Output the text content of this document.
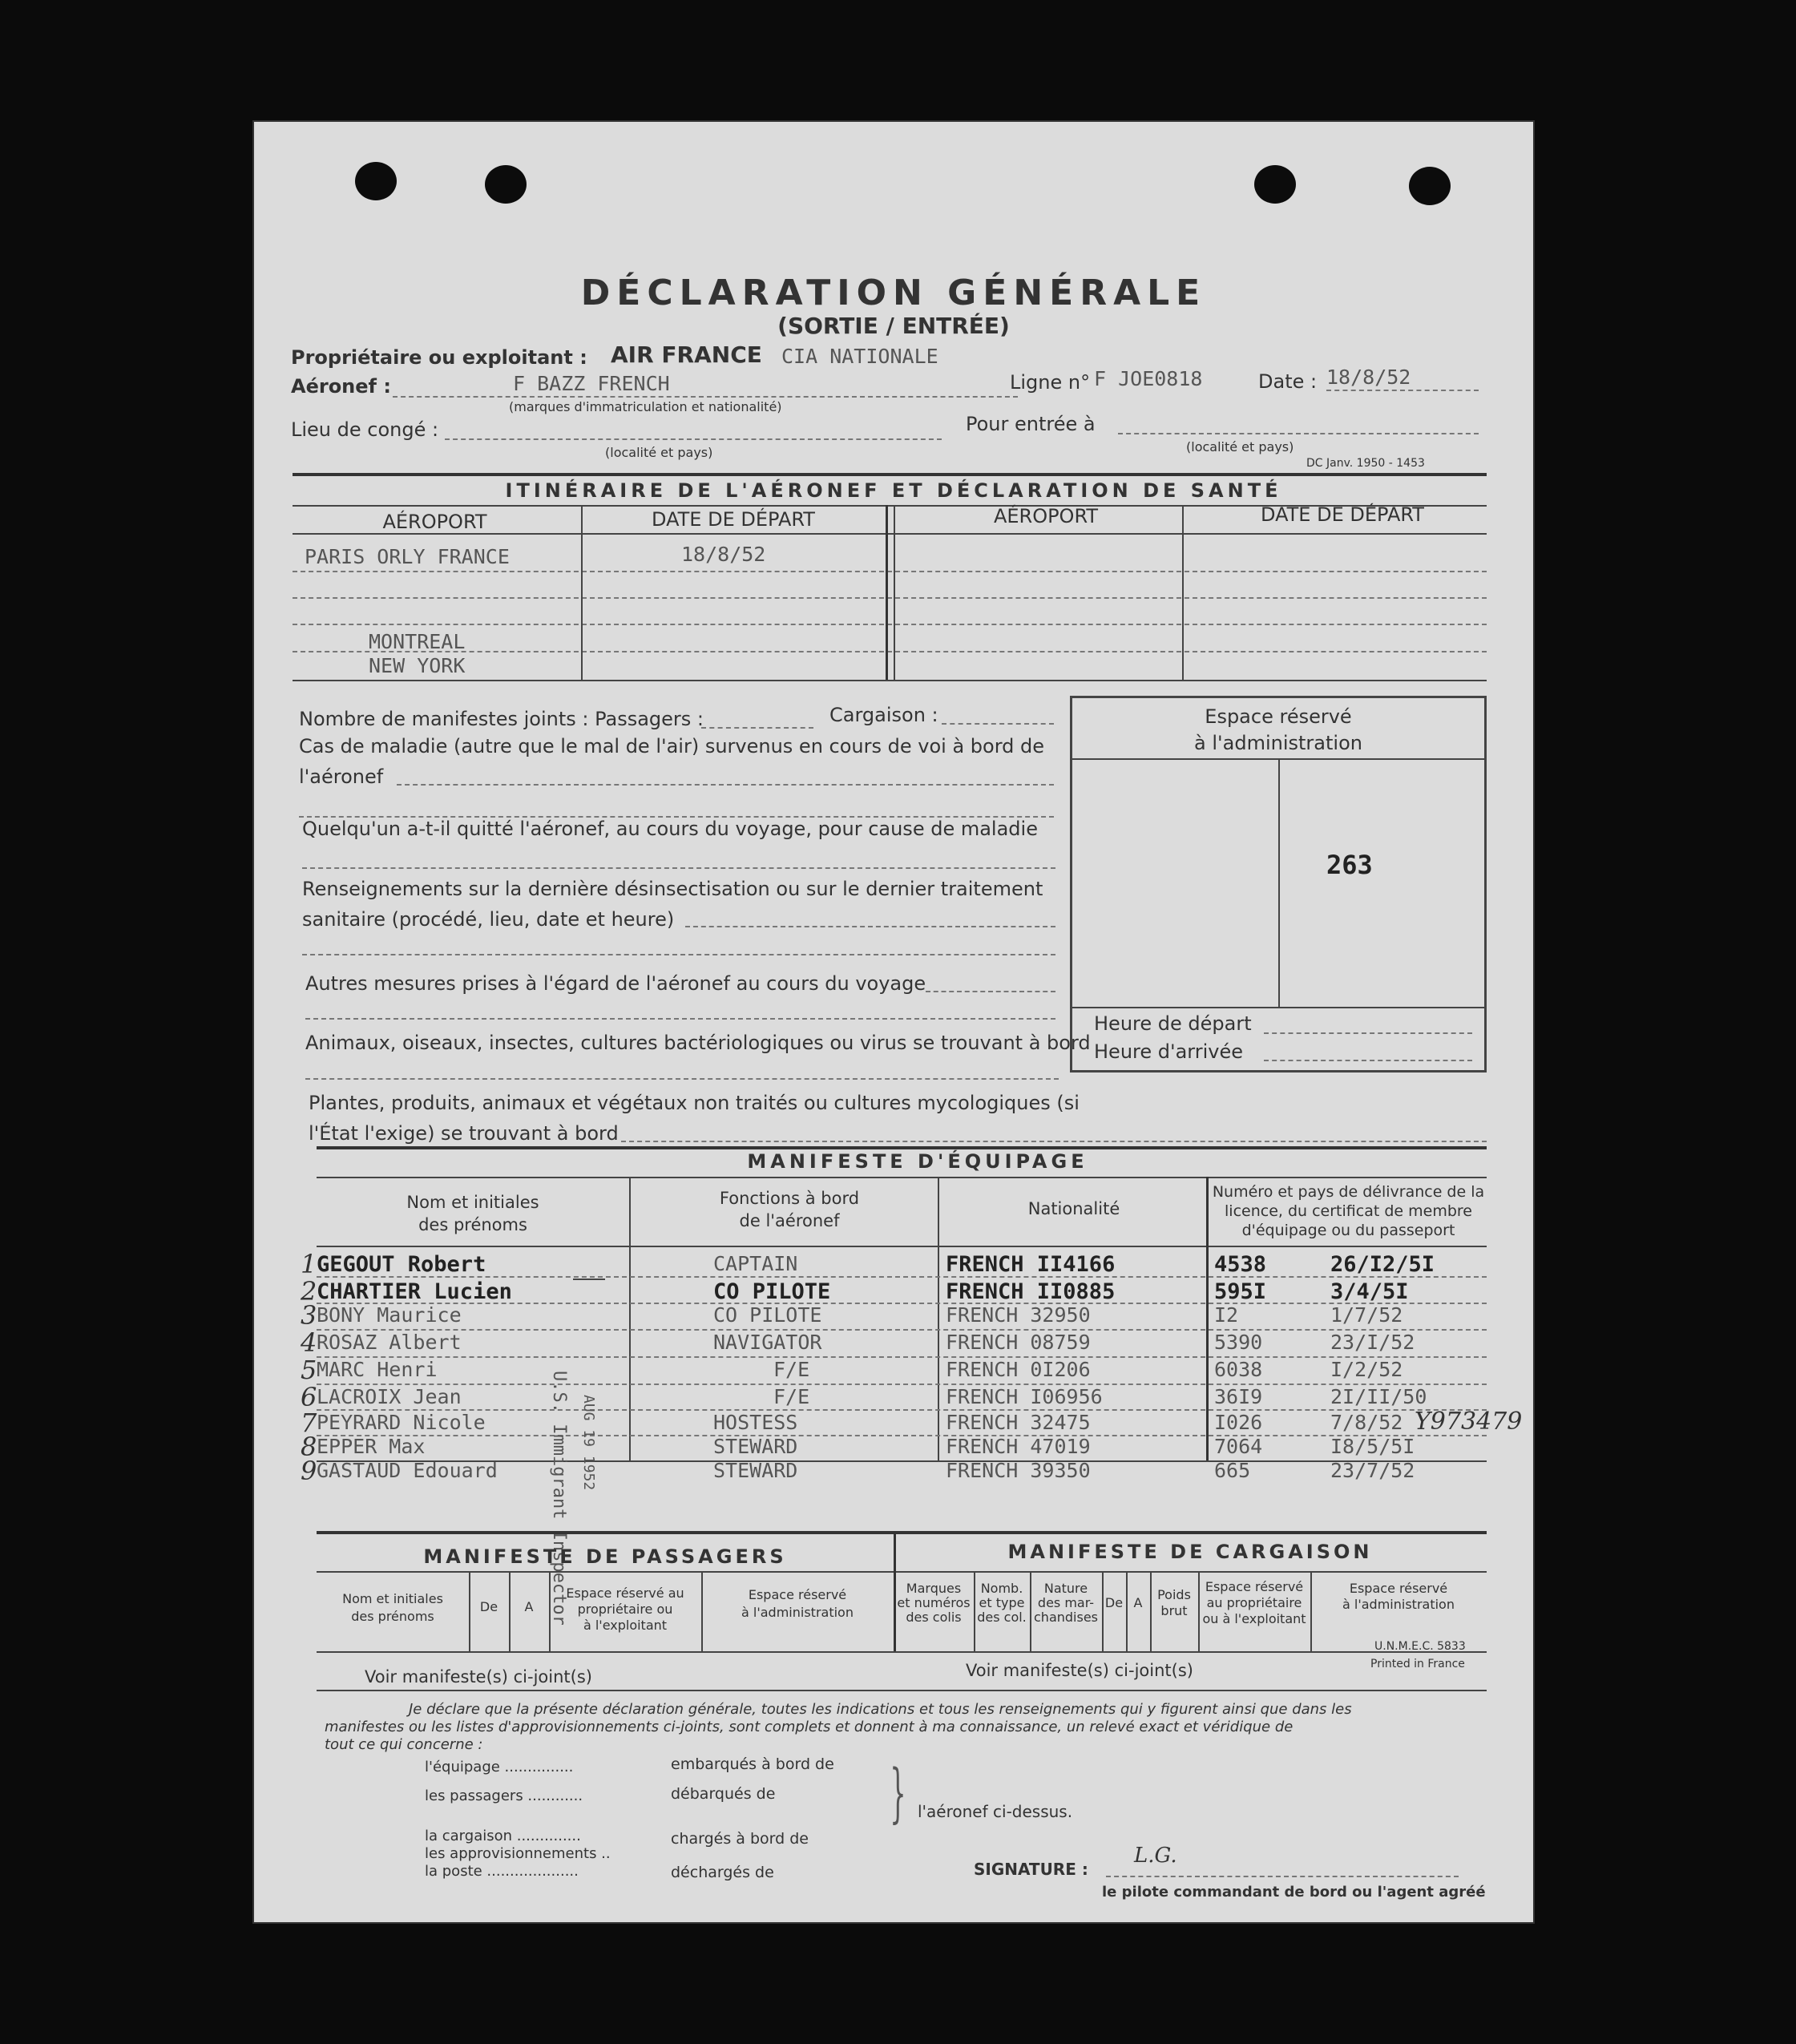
DÉCLARATION GÉNÉRALE
(SORTIE / ENTRÉE)
Propriétaire ou exploitant : AIR FRANCE CIA NATIONALE
Aéronef :	F BAZZ FRENCH
(marques d'immatriculation et nationalité)
Ligne n° F JOE0818	Date : 18/8/52
Lieu de congé :
(localité et pays)
Pour entrée à
(localité et pays)
DC Janv. 1950 - 1453
ITINÉRAIRE DE L'AÉRONEF ET DÉCLARATION DE SANTÉ
AÉROPORT	DATE DE DÉPART	AÉROPORT	DATE DE DÉPART
PARIS ORLY FRANCE	18/8/52
MONTREAL
NEW YORK
Nombre de manifestes joints : Passagers :	Cargaison :
Cas de maladie (autre que le mal de l'air) survenus en cours de voi à bord de
l'aéronef
Quelqu'un a-t-il quitté l'aéronef, au cours du voyage, pour cause de maladie
Renseignements sur la dernière désinsectisation ou sur le dernier traitement
sanitaire (procédé, lieu, date et heure)
Autres mesures prises à l'égard de l'aéronef au cours du voyage
Animaux, oiseaux, insectes, cultures bactériologiques ou virus se trouvant à bord
Plantes, produits, animaux et végétaux non traités ou cultures mycologiques (si
l'État l'exige) se trouvant à bord
Espace réservé
à l'administration
263
Heure de départ
Heure d'arrivée
MANIFESTE D'ÉQUIPAGE
Nom et initiales
des prénoms
Fonctions à bord
de l'aéronef
Nationalité
Numéro et pays de délivrance de la
licence, du certificat de membre
d'équipage ou du passeport
1 GEGOUT Robert	CAPTAIN	FRENCH II4166	4538	26/I2/5I
2 CHARTIER Lucien	CO PILOTE	FRENCH II0885	595I	3/4/5I
3 BONY Maurice	CO PILOTE	FRENCH 32950	I2	1/7/52
4 ROSAZ Albert	NAVIGATOR	FRENCH 08759	5390	23/I/52
5 MARC Henri	F/E	FRENCH 0I206	6038	I/2/52
6 LACROIX Jean	F/E	FRENCH I06956	36I9	2I/II/50
7 PEYRARD Nicole	HOSTESS	FRENCH 32475	I026	7/8/52 Y973479
8 EPPER Max	STEWARD	FRENCH 47019	7064	I8/5/5I
9 GASTAUD Edouard	STEWARD	FRENCH 39350	665	23/7/52
U.S. Immigrant Inspector AUG 19 1952
MANIFESTE DE PASSAGERS	MANIFESTE DE CARGAISON
Nom et initiales
des prénoms
De	A
Espace réservé au
propriétaire ou
à l'exploitant
Espace réservé
à l'administration
Marques
et numéros
des colis
Nomb.
et type
des col.
Nature
des mar-
chandises
De A
Poids
brut
Espace réservé
au propriétaire
ou à l'exploitant
Espace réservé
à l'administration
U.N.M.E.C. 5833
Printed in France
Voir manifeste(s) ci-joint(s)	Voir manifeste(s) ci-joint(s)
Je déclare que la présente déclaration générale, toutes les indications et tous les renseignements qui y figurent ainsi que dans les
manifestes ou les listes d'approvisionnements ci-joints, sont complets et donnent à ma connaissance, un relevé exact et véridique de
tout ce qui concerne :
l'équipage ...............
les passagers ............
la cargaison ..............
les approvisionnements ..
la poste ....................
embarqués à bord de
débarqués de
chargés à bord de
déchargés de
} l'aéronef ci-dessus.
SIGNATURE :
L.G.
le pilote commandant de bord ou l'agent agréé
